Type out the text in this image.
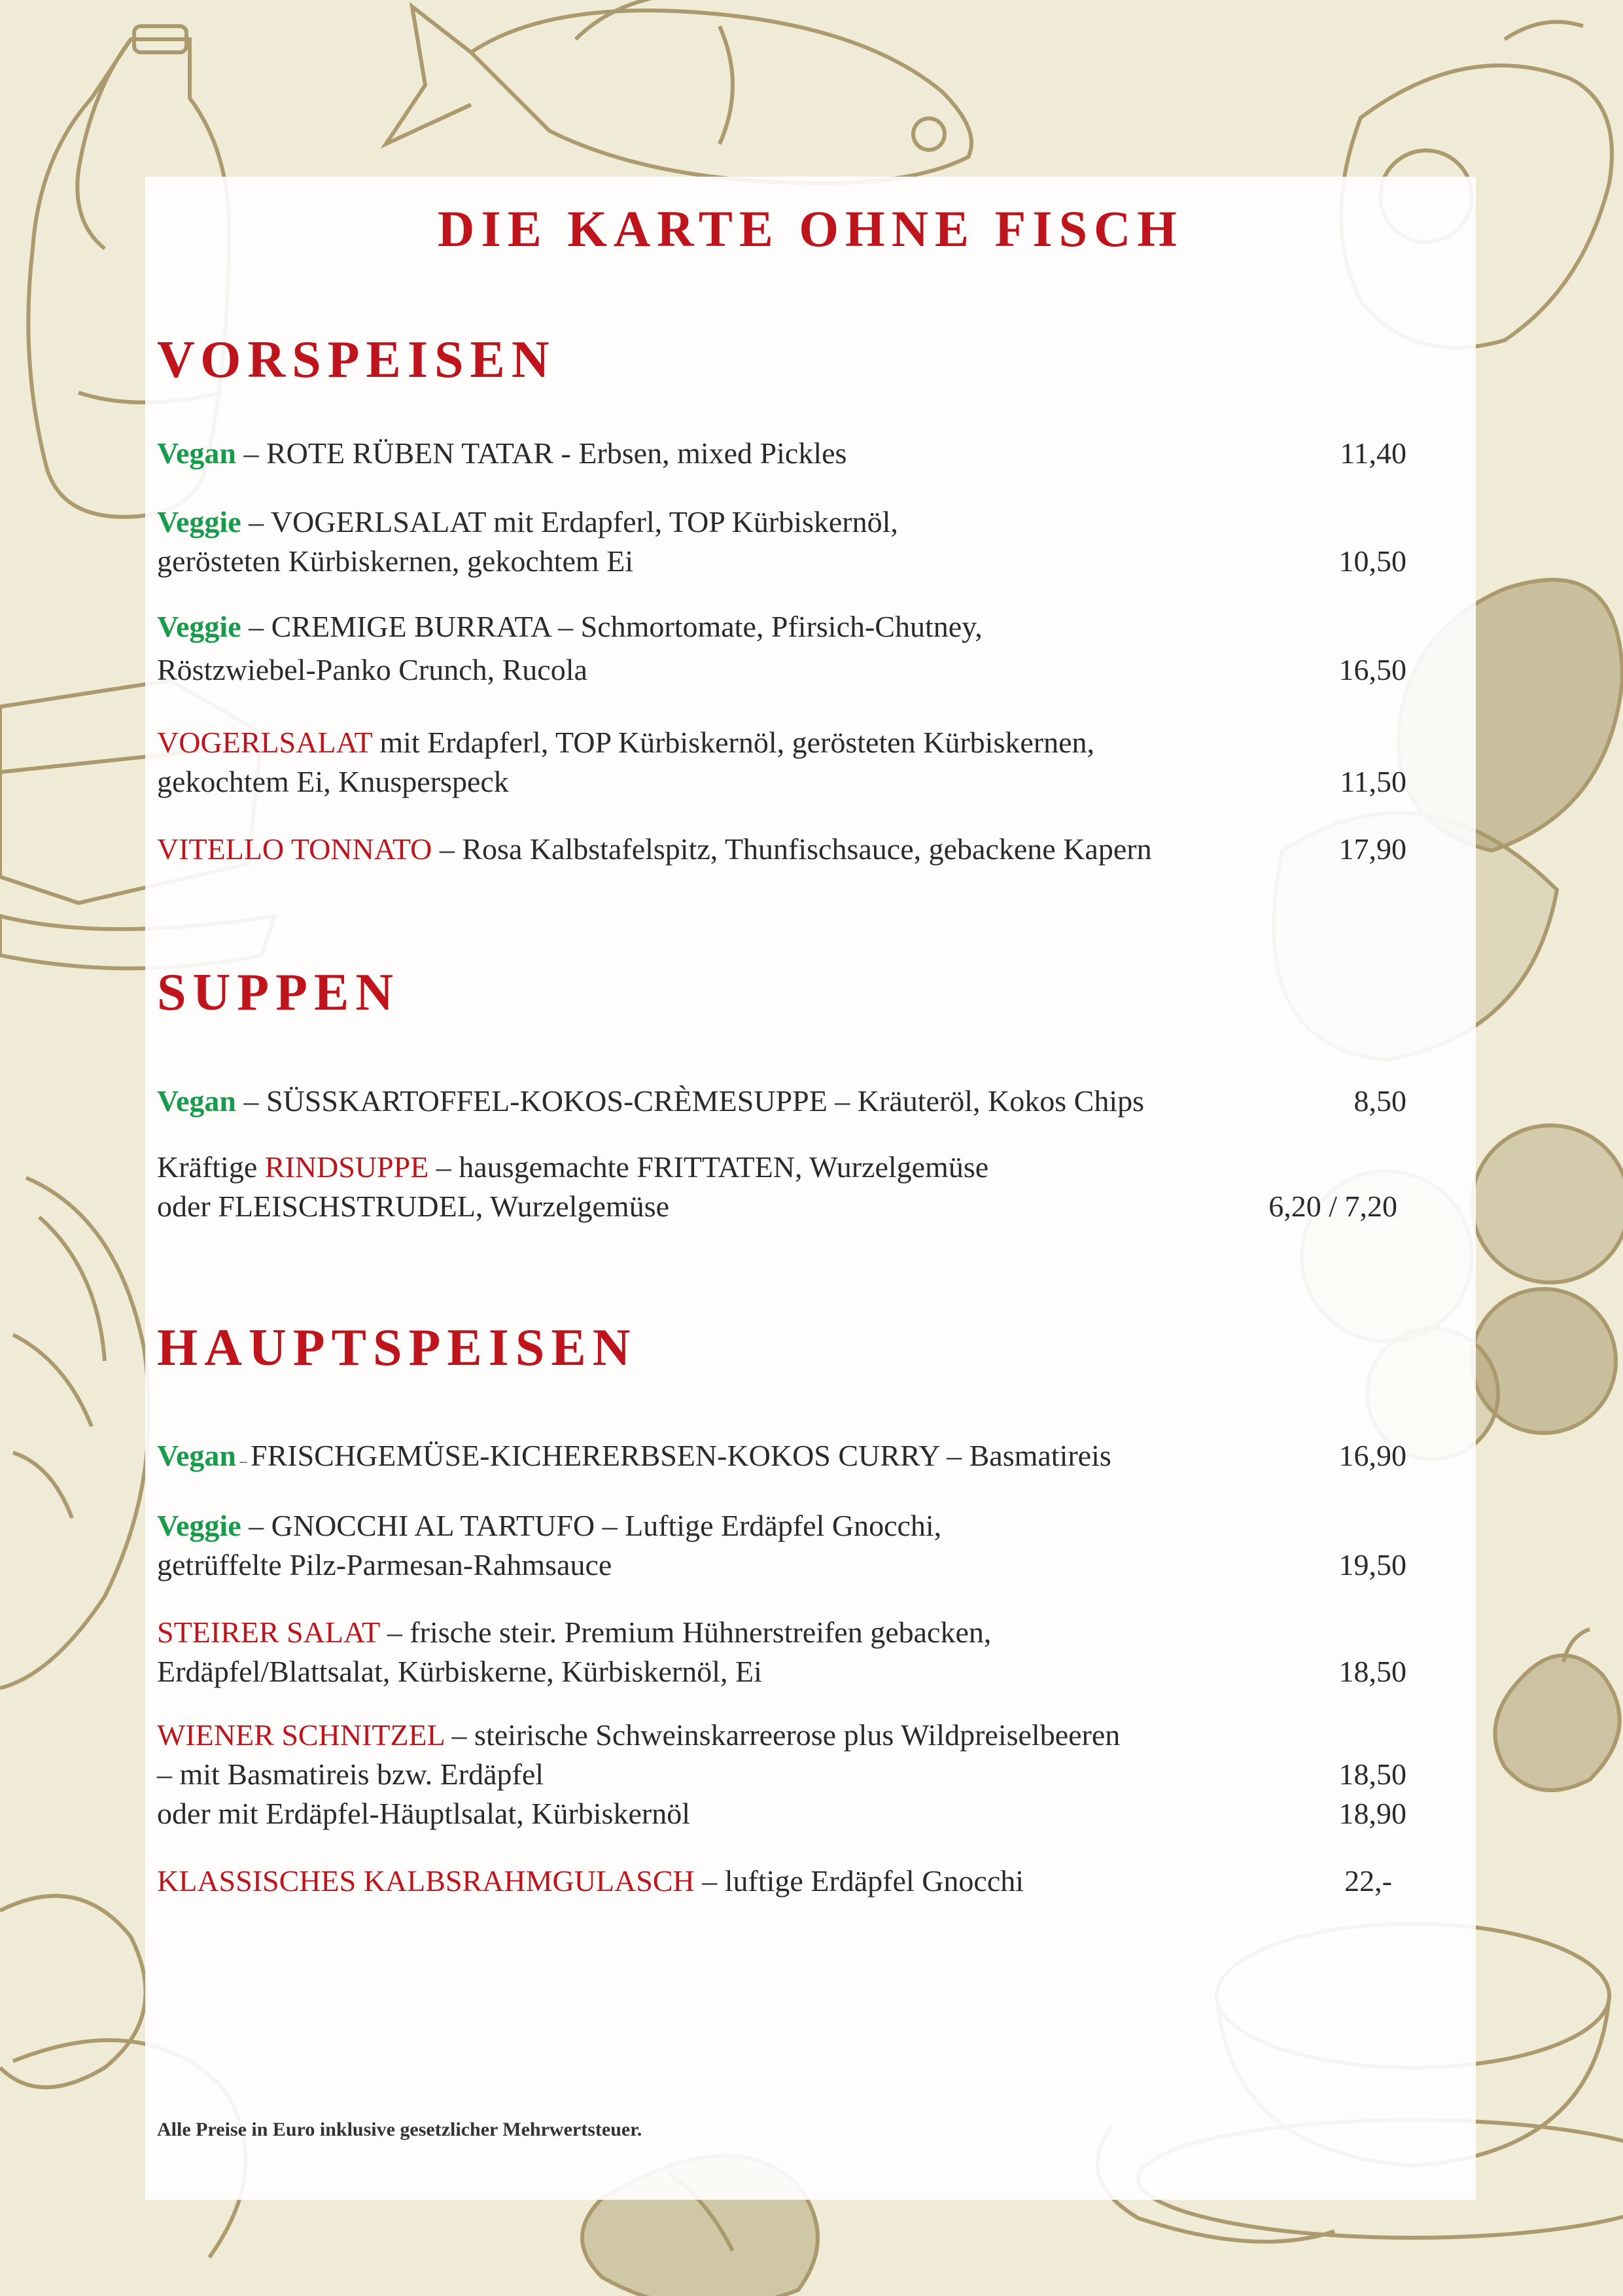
DIE KARTE OHNE FISCH
VORSPEISEN
Vegan – ROTE RÜBEN TATAR - Erbsen, mixed Pickles	11,40
Veggie – VOGERLSALAT mit Erdapferl, TOP Kürbiskernöl,
gerösteten Kürbiskernen, gekochtem Ei	10,50
Veggie – CREMIGE BURRATA – Schmortomate, Pfirsich-Chutney,
Röstzwiebel-Panko Crunch, Rucola	16,50
VOGERLSALAT mit Erdapferl, TOP Kürbiskernöl, gerösteten Kürbiskernen,
gekochtem Ei, Knusperspeck	11,50
VITELLO TONNATO – Rosa Kalbstafelspitz, Thunfischsauce, gebackene Kapern	17,90
SUPPEN
Vegan – SÜSSKARTOFFEL-KOKOS-CRÈMESUPPE – Kräuteröl, Kokos Chips	8,50
Kräftige RINDSUPPE – hausgemachte FRITTATEN, Wurzelgemüse
oder FLEISCHSTRUDEL, Wurzelgemüse	6,20 / 7,20
HAUPTSPEISEN
Vegan – FRISCHGEMÜSE-KICHERERBSEN-KOKOS CURRY – Basmatireis	16,90
Veggie – GNOCCHI AL TARTUFO – Luftige Erdäpfel Gnocchi,
getrüffelte Pilz-Parmesan-Rahmsauce	19,50
STEIRER SALAT – frische steir. Premium Hühnerstreifen gebacken,
Erdäpfel/Blattsalat, Kürbiskerne, Kürbiskernöl, Ei	18,50
WIENER SCHNITZEL – steirische Schweinskarreerose plus Wildpreiselbeeren
– mit Basmatireis bzw. Erdäpfel	18,50
oder mit Erdäpfel-Häuptlsalat, Kürbiskernöl	18,90
KLASSISCHES KALBSRAHMGULASCH – luftige Erdäpfel Gnocchi	22,-
Alle Preise in Euro inklusive gesetzlicher Mehrwertsteuer.
